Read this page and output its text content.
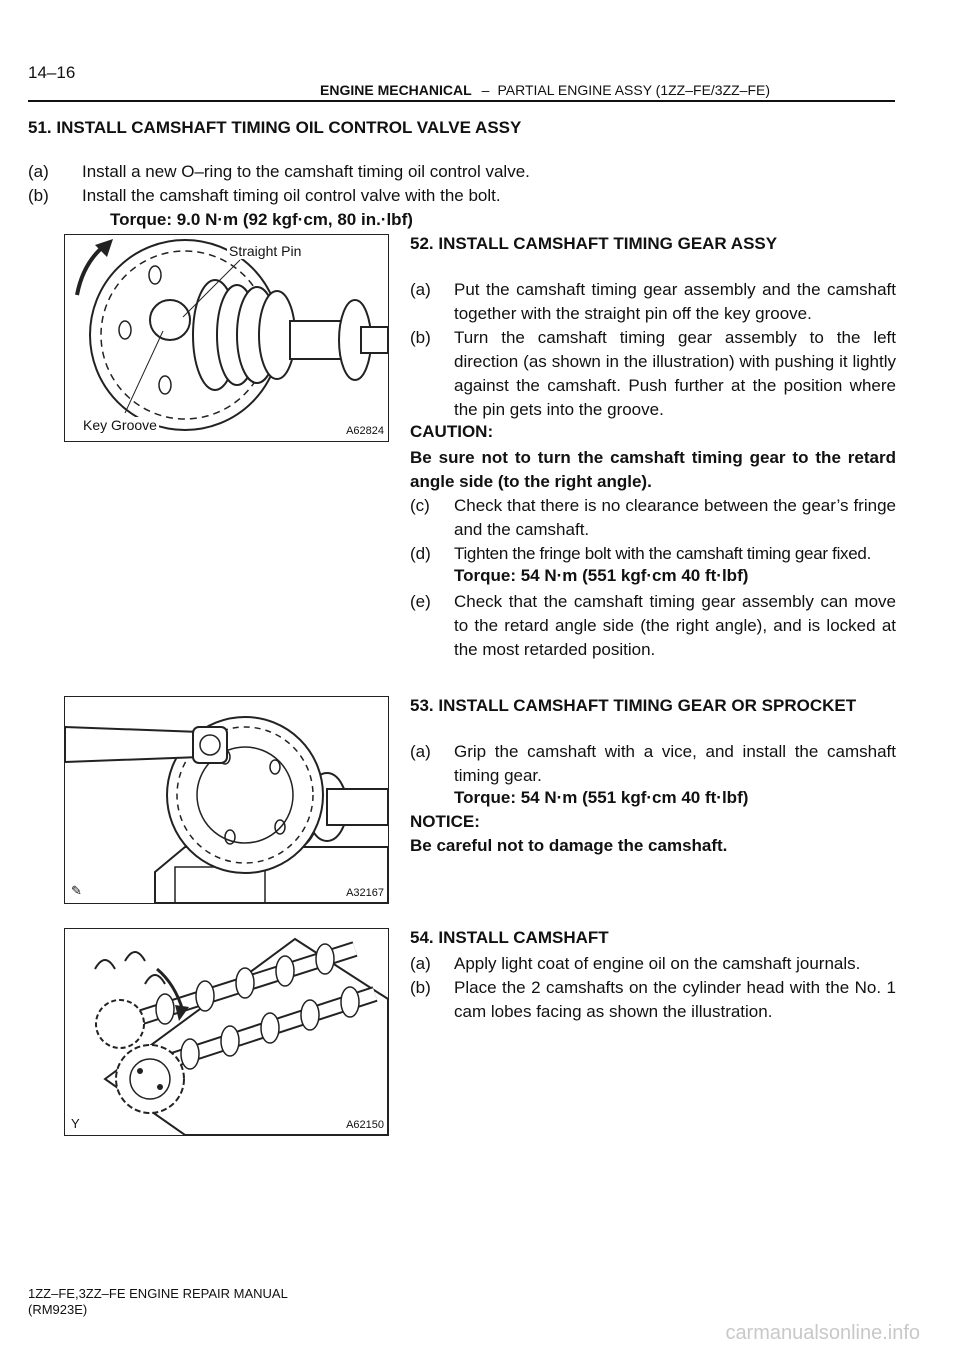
14–16
ENGINE MECHANICAL – PARTIAL ENGINE ASSY (1ZZ–FE/3ZZ–FE)
51. INSTALL CAMSHAFT TIMING OIL CONTROL VALVE ASSY
(a)	Install a new O–ring to the camshaft timing oil control valve.
(b)	Install the camshaft timing oil control valve with the bolt.
Torque: 9.0 N·m (92 kgf·cm, 80 in.·lbf)
Straight Pin
Key Groove	A62824
52. INSTALL CAMSHAFT TIMING GEAR ASSY
(a)	Put the camshaft timing gear assembly and the camshaft together with the straight pin off the key groove.
(b)	Turn the camshaft timing gear assembly to the left direction (as shown in the illustration) with pushing it lightly against the camshaft. Push further at the position where the pin gets into the groove.
CAUTION:
Be sure not to turn the camshaft timing gear to the retard angle side (to the right angle).
(c)	Check that there is no clearance between the gear’s fringe and the camshaft.
(d)	Tighten the fringe bolt with the camshaft timing gear fixed.
Torque: 54 N·m (551 kgf·cm 40 ft·lbf)
(e)	Check that the camshaft timing gear assembly can move to the retard angle side (the right angle), and is locked at the most retarded position.
✎	A32167
53. INSTALL CAMSHAFT TIMING GEAR OR SPROCKET
(a)	Grip the camshaft with a vice, and install the camshaft timing gear.
Torque: 54 N·m (551 kgf·cm 40 ft·lbf)
NOTICE:
Be careful not to damage the camshaft.
Y	A62150
54. INSTALL CAMSHAFT
(a)	Apply light coat of engine oil on the camshaft journals.
(b)	Place the 2 camshafts on the cylinder head with the No. 1 cam lobes facing as shown the illustration.
1ZZ–FE,3ZZ–FE ENGINE REPAIR MANUAL
(RM923E)
carmanualsonline.info
